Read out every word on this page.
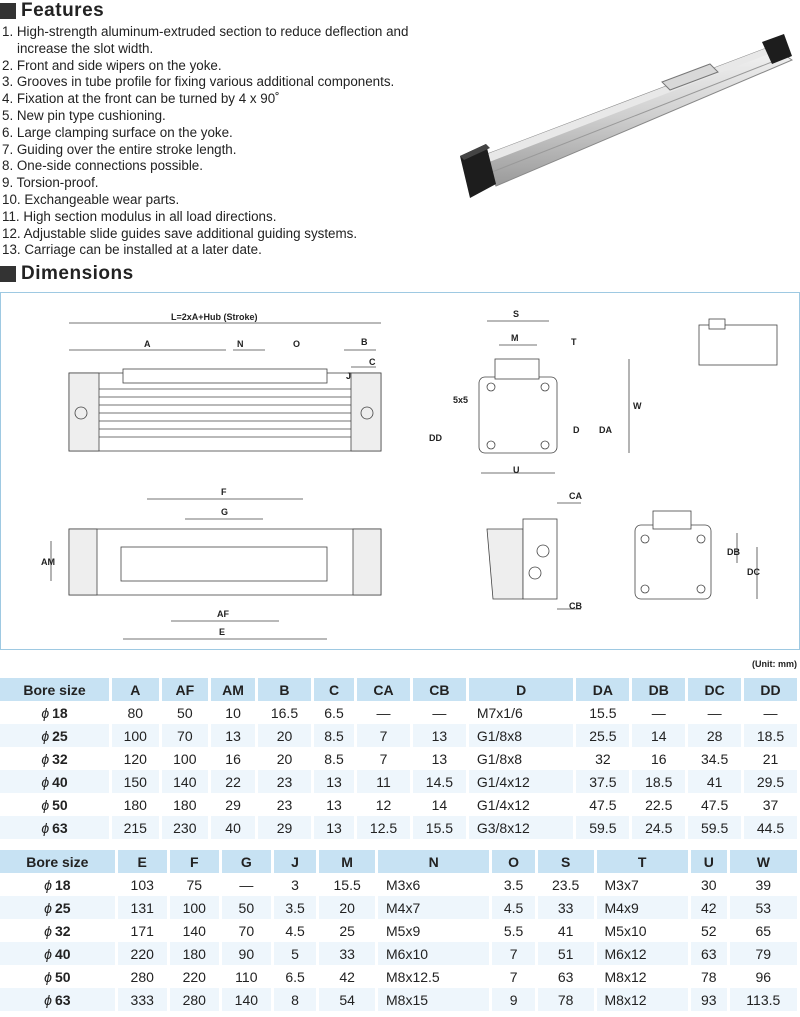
Features
1. High-strength aluminum-extruded section to reduce deflection and increase the slot width.
2. Front and side wipers on the yoke.
3. Grooves in tube profile for fixing various additional components.
4. Fixation at the front can be turned by 4 x 90˚
5. New pin type cushioning.
6. Large clamping surface on the yoke.
7. Guiding over the entire stroke length.
8. One-side connections possible.
9. Torsion-proof.
10. Exchangeable wear parts.
11. High section modulus in all load directions.
12. Adjustable slide guides save additional guiding systems.
13. Carriage can be installed at a later date.
Dimensions
L=2xA+Hub (Stroke)
A	N	O	B
C
J
F
G
AM
AF
E
S
M	T
W
DA
D
DD
5x5
U
CA
CB
DB
DC
(Unit: mm)
Bore size	A	AF	AM	B	C	CA	CB	D	DA	DB	DC	DD
ϕ 18	80	50	10	16.5	6.5	—	—	M7x1/6	15.5	—	—	—
ϕ 25	100	70	13	20	8.5	7	13	G1/8x8	25.5	14	28	18.5
ϕ 32	120	100	16	20	8.5	7	13	G1/8x8	32	16	34.5	21
ϕ 40	150	140	22	23	13	11	14.5	G1/4x12	37.5	18.5	41	29.5
ϕ 50	180	180	29	23	13	12	14	G1/4x12	47.5	22.5	47.5	37
ϕ 63	215	230	40	29	13	12.5	15.5	G3/8x12	59.5	24.5	59.5	44.5
Bore size	E	F	G	J	M	N	O	S	T	U	W
ϕ 18	103	75	—	3	15.5	M3x6	3.5	23.5	M3x7	30	39
ϕ 25	131	100	50	3.5	20	M4x7	4.5	33	M4x9	42	53
ϕ 32	171	140	70	4.5	25	M5x9	5.5	41	M5x10	52	65
ϕ 40	220	180	90	5	33	M6x10	7	51	M6x12	63	79
ϕ 50	280	220	110	6.5	42	M8x12.5	7	63	M8x12	78	96
ϕ 63	333	280	140	8	54	M8x15	9	78	M8x12	93	113.5
